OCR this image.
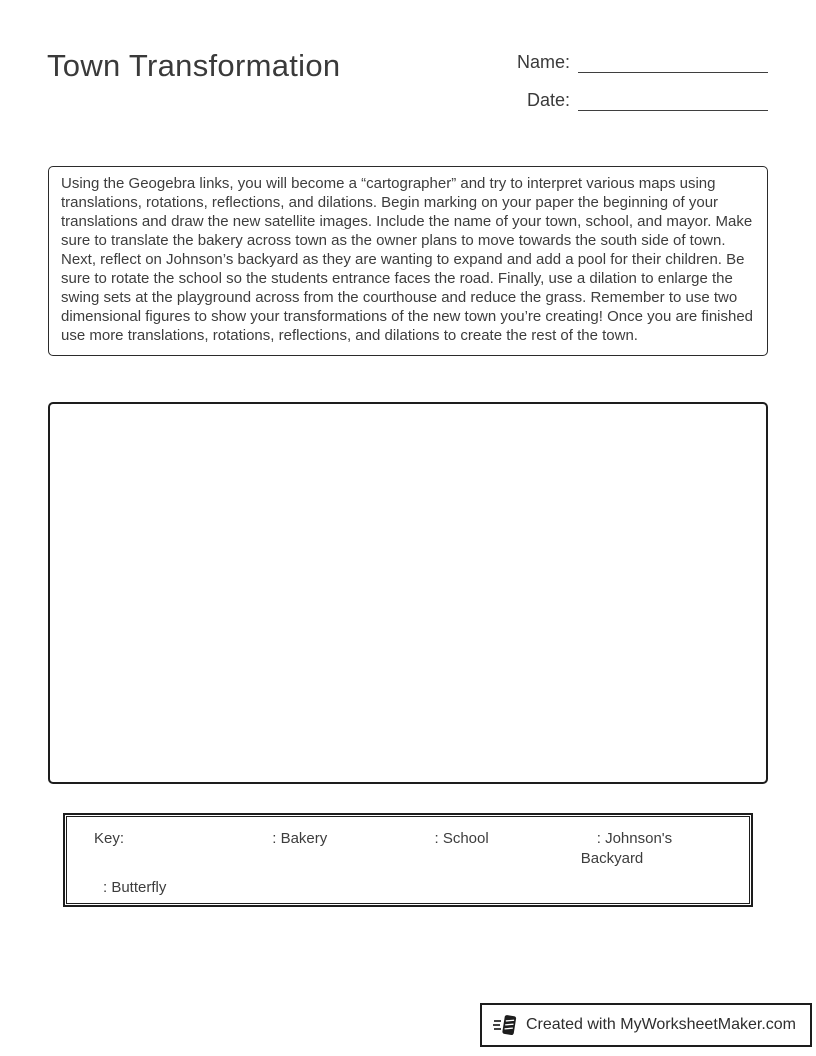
Town Transformation	Name:
Date:

Using the Geogebra links, you will become a “cartographer” and try to interpret various maps using translations, rotations, reflections, and dilations. Begin marking on your paper the beginning of your translations and draw the new satellite images. Include the name of your town, school, and mayor. Make sure to translate the bakery across town as the owner plans to move towards the south side of town. Next, reflect on Johnson’s backyard as they are wanting to expand and add a pool for their children. Be sure to rotate the school so the students entrance faces the road. Finally, use a dilation to enlarge the swing sets at the playground across from the courthouse and reduce the grass. Remember to use two dimensional figures to show your transformations of the new town you’re creating! Once you are finished use more translations, rotations, reflections, and dilations to create the rest of the town.

Key:	: Bakery	: School	: Johnson's Backyard
: Butterfly
Created with MyWorksheetMaker.com
